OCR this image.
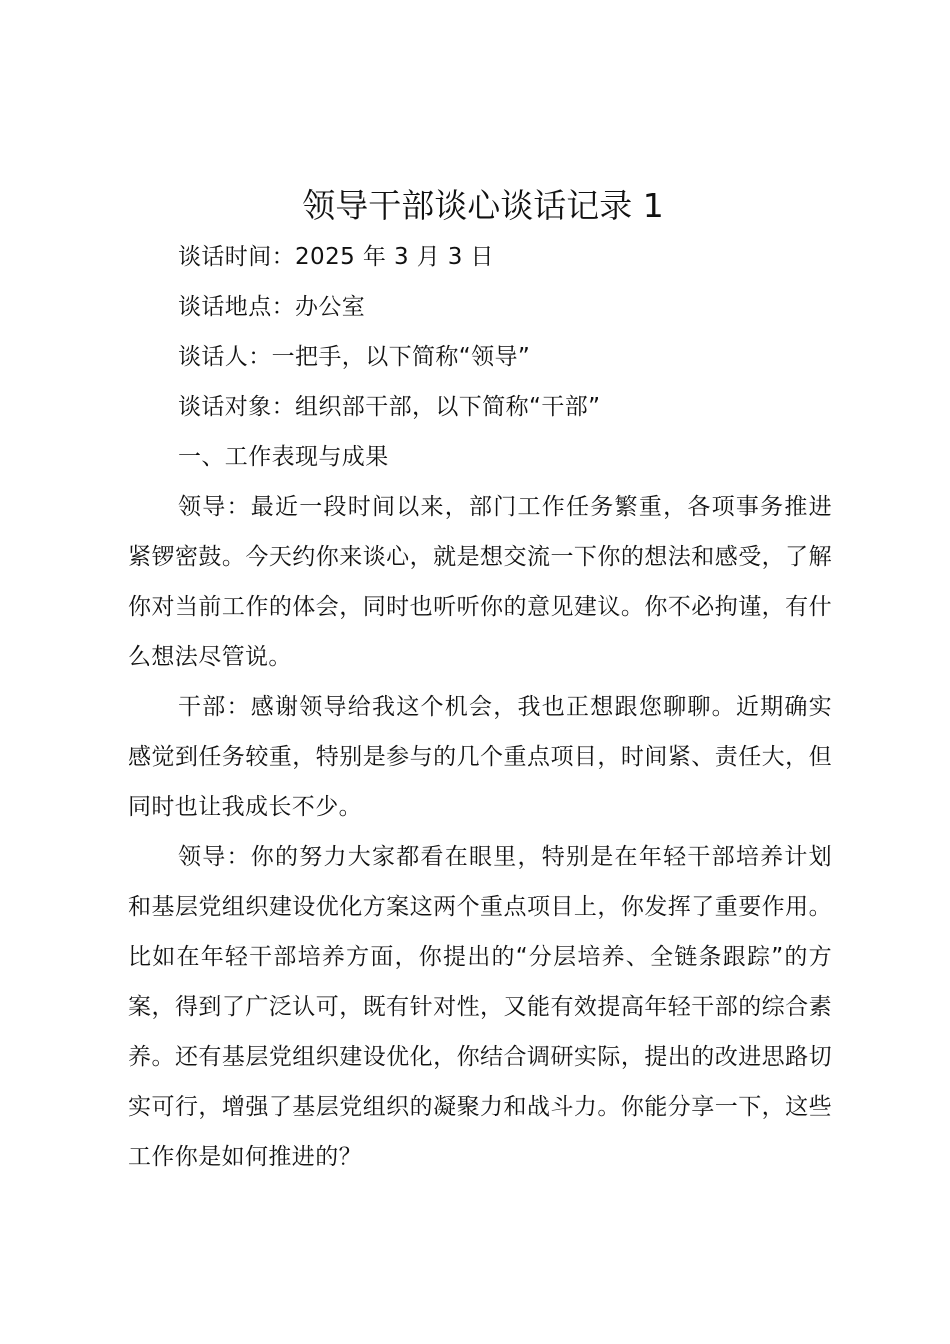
领导干部谈心谈话记录 1

谈话时间：2025 年 3 月 3 日

谈话地点：办公室

谈话人：一把手，以下简称“领导”

谈话对象：组织部干部，以下简称“干部”

一、工作表现与成果

领导：最近一段时间以来，部门工作任务繁重，各项事务推进紧锣密鼓。今天约你来谈心，就是想交流一下你的想法和感受，了解你对当前工作的体会，同时也听听你的意见建议。你不必拘谨，有什么想法尽管说。

干部：感谢领导给我这个机会，我也正想跟您聊聊。近期确实感觉到任务较重，特别是参与的几个重点项目，时间紧、责任大，但同时也让我成长不少。

领导：你的努力大家都看在眼里，特别是在年轻干部培养计划和基层党组织建设优化方案这两个重点项目上，你发挥了重要作用。比如在年轻干部培养方面，你提出的“分层培养、全链条跟踪”的方案，得到了广泛认可，既有针对性，又能有效提高年轻干部的综合素养。还有基层党组织建设优化，你结合调研实际，提出的改进思路切实可行，增强了基层党组织的凝聚力和战斗力。你能分享一下，这些工作你是如何推进的？
